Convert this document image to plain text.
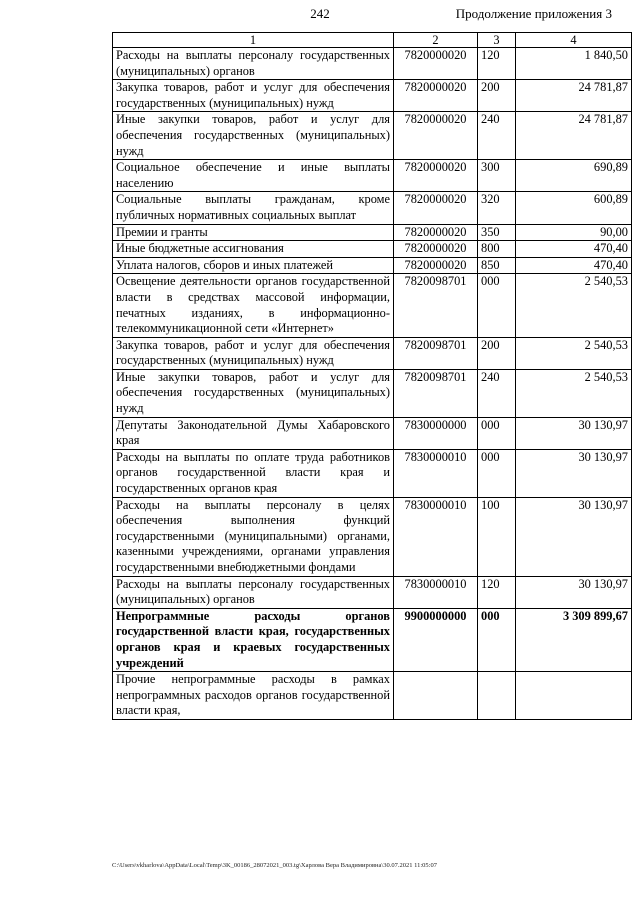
242	Продолжение приложения 3
1	2	3	4
Расходы на выплаты персоналу государственных (муниципальных) органов	7820000020	120	1 840,50
Закупка товаров, работ и услуг для обеспечения государственных (муниципальных) нужд	7820000020	200	24 781,87
Иные закупки товаров, работ и услуг для обеспечения государственных (муниципальных) нужд	7820000020	240	24 781,87
Социальное обеспечение и иные выплаты населению	7820000020	300	690,89
Социальные выплаты гражданам, кроме публичных нормативных социальных выплат	7820000020	320	600,89
Премии и гранты	7820000020	350	90,00
Иные бюджетные ассигнования	7820000020	800	470,40
Уплата налогов, сборов и иных платежей	7820000020	850	470,40
Освещение деятельности органов государственной власти в средствах массовой информации, печатных изданиях, в информационно-телекоммуникационной сети «Интернет»	7820098701	000	2 540,53
Закупка товаров, работ и услуг для обеспечения государственных (муниципальных) нужд	7820098701	200	2 540,53
Иные закупки товаров, работ и услуг для обеспечения государственных (муниципальных) нужд	7820098701	240	2 540,53
Депутаты Законодательной Думы Хабаровского края	7830000000	000	30 130,97
Расходы на выплаты по оплате труда работников органов государственной власти края и государственных органов края	7830000010	000	30 130,97
Расходы на выплаты персоналу в целях обеспечения выполнения функций государственными (муниципальными) органами, казенными учреждениями, органами управления государственными внебюджетными фондами	7830000010	100	30 130,97
Расходы на выплаты персоналу государственных (муниципальных) органов	7830000010	120	30 130,97
Непрограммные расходы органов государственной власти края, государственных органов края и краевых государственных учреждений	9900000000	000	3 309 899,67
Прочие непрограммные расходы в рамках непрограммных расходов органов государственной власти края,			
C:\Users\vkharlova\AppData\Local\Temp\3K_00186_28072021_003.tg\Харлова Вера Владимировна\30.07.2021 11:05:07
